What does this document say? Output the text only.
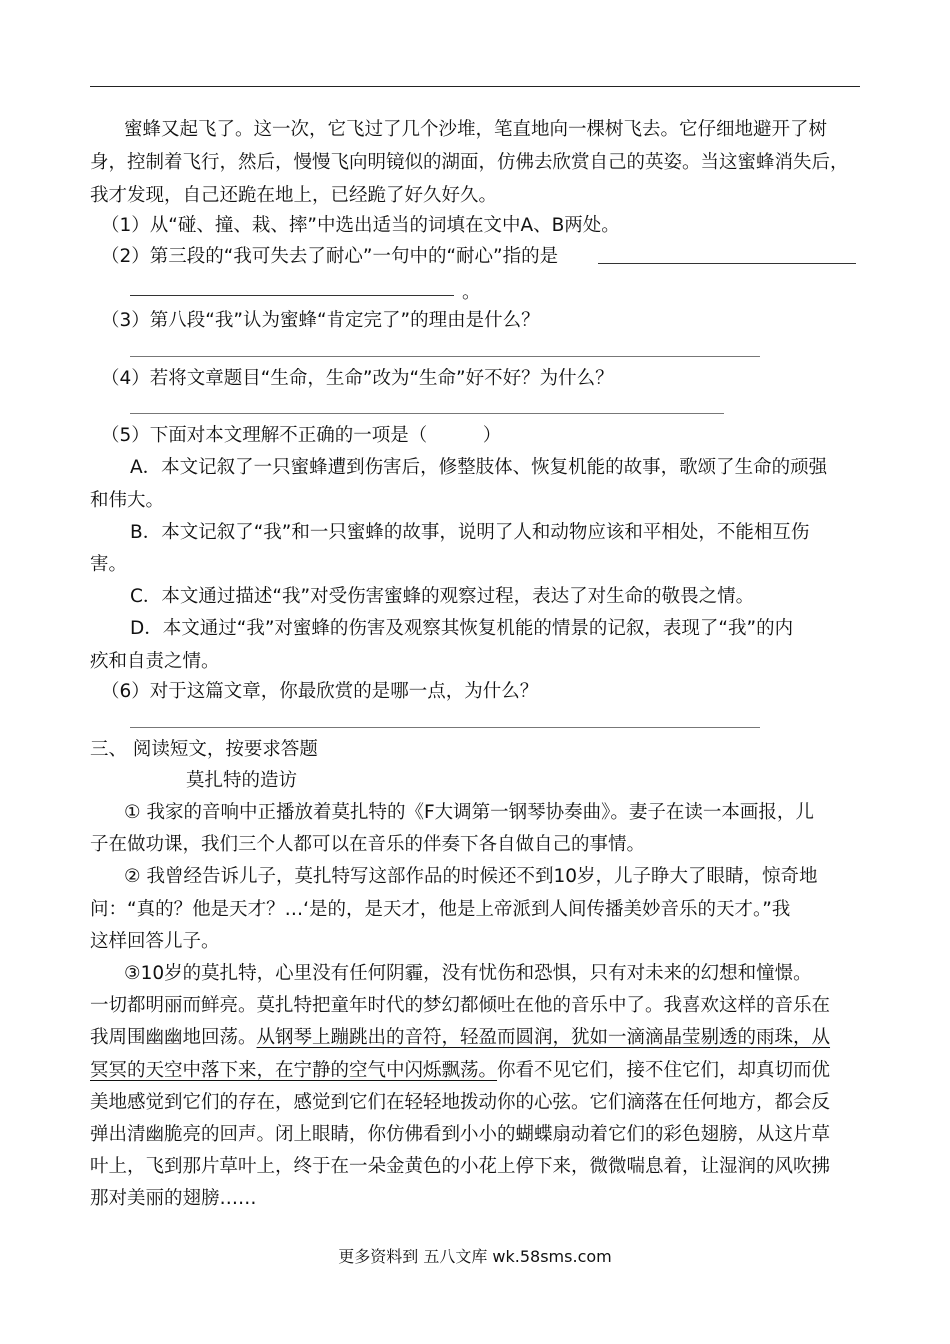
蜜蜂又起飞了。这一次，它飞过了几个沙堆，笔直地向一棵树飞去。它仔细地避开了树
身，控制着飞行，然后，慢慢飞向明镜似的湖面，仿佛去欣赏自己的英姿。当这蜜蜂消失后，
我才发现，自己还跪在地上，已经跪了好久好久。
（1）从“碰、撞、栽、摔”中选出适当的词填在文中A、B两处。
（2）第三段的“我可失去了耐心”一句中的“耐心”指的是
。
（3）第八段“我”认为蜜蜂“肯定完了”的理由是什么？
（4）若将文章题目“生命，生命”改为“生命”好不好？为什么？
（5）下面对本文理解不正确的一项是（　　　）
A．本文记叙了一只蜜蜂遭到伤害后，修整肢体、恢复机能的故事，歌颂了生命的顽强
和伟大。
B．本文记叙了“我”和一只蜜蜂的故事，说明了人和动物应该和平相处，不能相互伤
害。
C．本文通过描述“我”对受伤害蜜蜂的观察过程，表达了对生命的敬畏之情。
D．本文通过“我”对蜜蜂的伤害及观察其恢复机能的情景的记叙，表现了“我”的内
疚和自责之情。
（6）对于这篇文章，你最欣赏的是哪一点，为什么？
三、 阅读短文，按要求答题
莫扎特的造访
① 我家的音响中正播放着莫扎特的《F大调第一钢琴协奏曲》。妻子在读一本画报，儿
子在做功课，我们三个人都可以在音乐的伴奏下各自做自己的事情。
② 我曾经告诉儿子，莫扎特写这部作品的时候还不到10岁，儿子睁大了眼睛，惊奇地
问：“真的？他是天才？…‘是的，是天才，他是上帝派到人间传播美妙音乐的天才。”我
这样回答儿子。
③10岁的莫扎特，心里没有任何阴霾，没有忧伤和恐惧，只有对未来的幻想和憧憬。
一切都明丽而鲜亮。莫扎特把童年时代的梦幻都倾吐在他的音乐中了。我喜欢这样的音乐在
我周围幽幽地回荡。从钢琴上蹦跳出的音符，轻盈而圆润，犹如一滴滴晶莹剔透的雨珠，从
冥冥的天空中落下来，在宁静的空气中闪烁飘荡。你看不见它们，接不住它们，却真切而优
美地感觉到它们的存在，感觉到它们在轻轻地拨动你的心弦。它们滴落在任何地方，都会反
弹出清幽脆亮的回声。闭上眼睛，你仿佛看到小小的蝴蝶扇动着它们的彩色翅膀，从这片草
叶上，飞到那片草叶上，终于在一朵金黄色的小花上停下来，微微喘息着，让湿润的风吹拂
那对美丽的翅膀……
更多资料到 五八文库 wk.58sms.com
